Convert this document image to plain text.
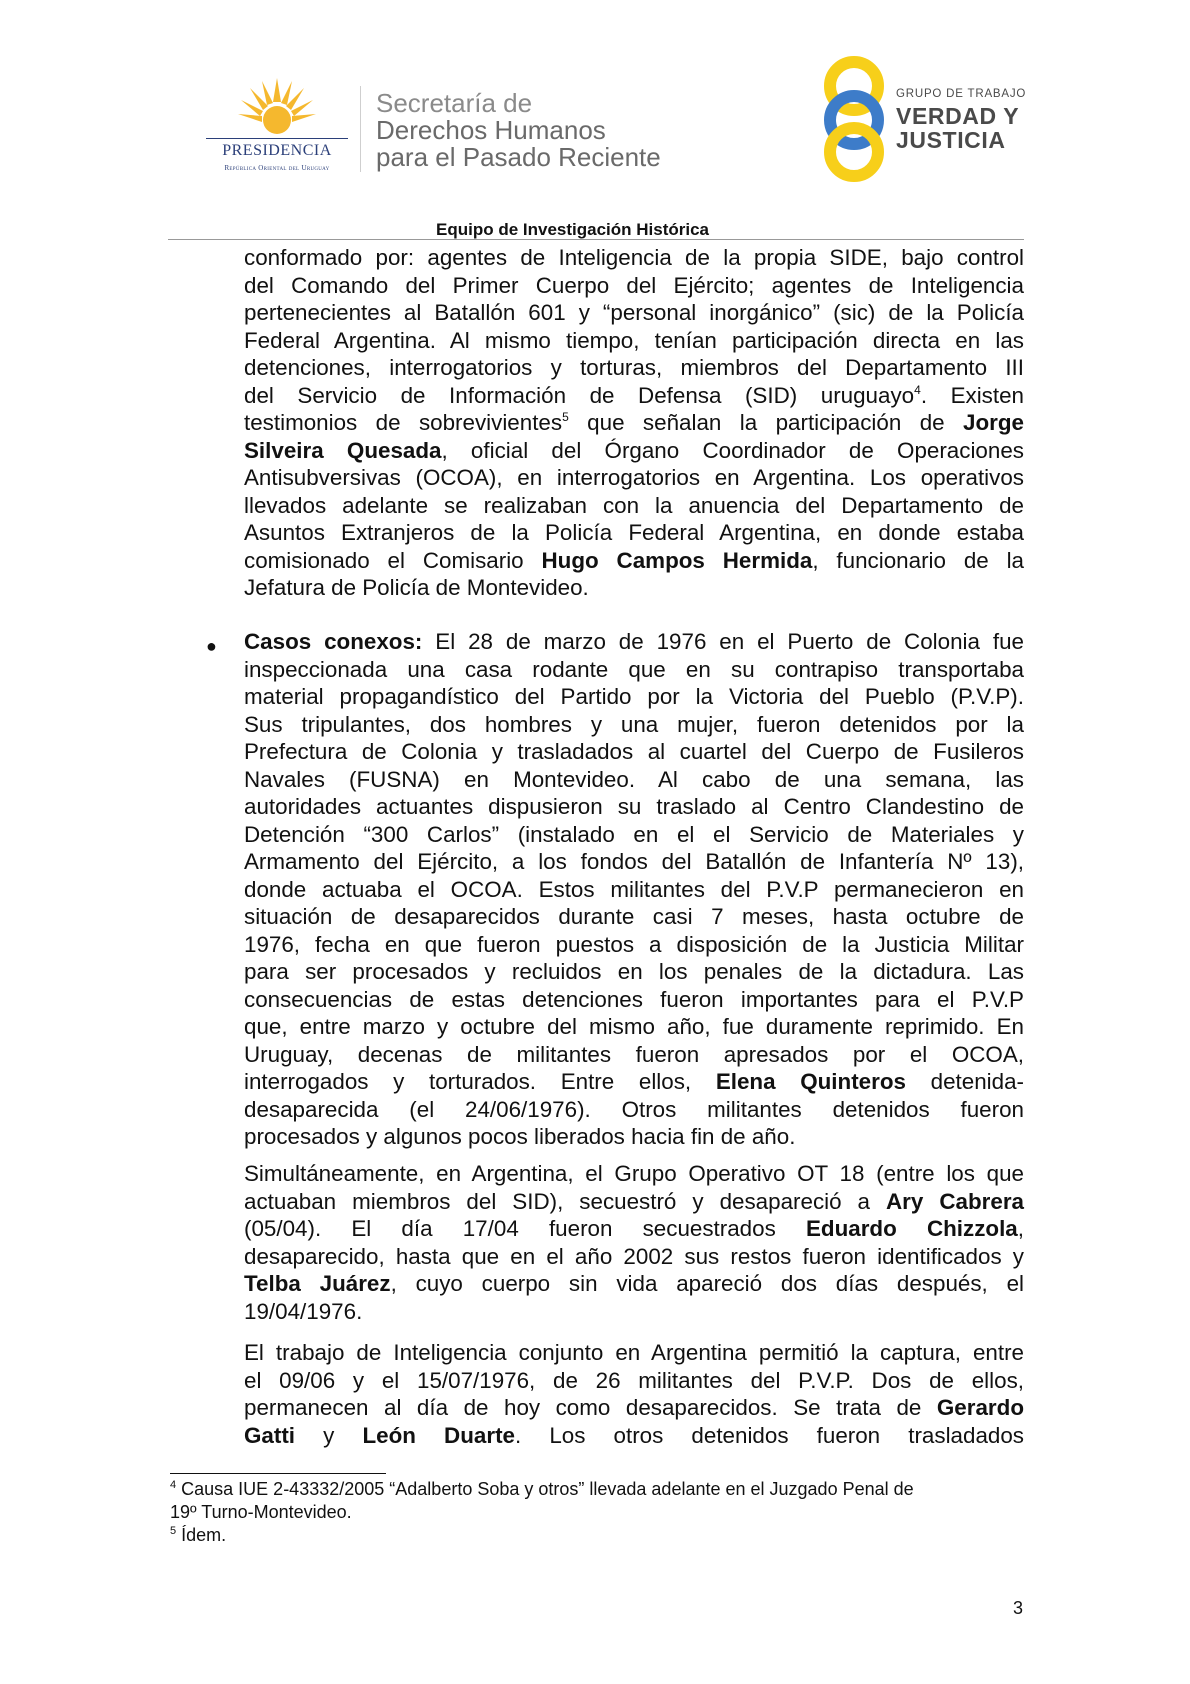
PRESIDENCIA
República Oriental del Uruguay
Secretaría de
Derechos Humanos
para el Pasado Reciente
GRUPO DE TRABAJO
VERDAD Y
JUSTICIA
Equipo de Investigación Histórica
conformado por: agentes de Inteligencia de la propia SIDE, bajo control
del Comando del Primer Cuerpo del Ejército; agentes de Inteligencia
pertenecientes al Batallón 601 y “personal inorgánico” (sic) de la Policía
Federal Argentina. Al mismo tiempo, tenían participación directa en las
detenciones, interrogatorios y torturas, miembros del Departamento III
del Servicio de Información de Defensa (SID) uruguayo$^4$. Existen
testimonios de sobrevivientes$^5$ que señalan la participación de Jorge
Silveira Quesada, oficial del Órgano Coordinador de Operaciones
Antisubversivas (OCOA), en interrogatorios en Argentina. Los operativos
llevados adelante se realizaban con la anuencia del Departamento de
Asuntos Extranjeros de la Policía Federal Argentina, en donde estaba
comisionado el Comisario Hugo Campos Hermida, funcionario de la
Jefatura de Policía de Montevideo.
● Casos conexos: El 28 de marzo de 1976 en el Puerto de Colonia fue
inspeccionada una casa rodante que en su contrapiso transportaba
material propagandístico del Partido por la Victoria del Pueblo (P.V.P).
Sus tripulantes, dos hombres y una mujer, fueron detenidos por la
Prefectura de Colonia y trasladados al cuartel del Cuerpo de Fusileros
Navales (FUSNA) en Montevideo. Al cabo de una semana, las
autoridades actuantes dispusieron su traslado al Centro Clandestino de
Detención “300 Carlos” (instalado en el el Servicio de Materiales y
Armamento del Ejército, a los fondos del Batallón de Infantería Nº 13),
donde actuaba el OCOA. Estos militantes del P.V.P permanecieron en
situación de desaparecidos durante casi 7 meses, hasta octubre de
1976, fecha en que fueron puestos a disposición de la Justicia Militar
para ser procesados y recluidos en los penales de la dictadura. Las
consecuencias de estas detenciones fueron importantes para el P.V.P
que, entre marzo y octubre del mismo año, fue duramente reprimido. En
Uruguay, decenas de militantes fueron apresados por el OCOA,
interrogados y torturados. Entre ellos, Elena Quinteros detenida-
desaparecida (el 24/06/1976). Otros militantes detenidos fueron
procesados y algunos pocos liberados hacia fin de año.
Simultáneamente, en Argentina, el Grupo Operativo OT 18 (entre los que
actuaban miembros del SID), secuestró y desapareció a Ary Cabrera
(05/04). El día 17/04 fueron secuestrados Eduardo Chizzola,
desaparecido, hasta que en el año 2002 sus restos fueron identificados y
Telba Juárez, cuyo cuerpo sin vida apareció dos días después, el
19/04/1976.
El trabajo de Inteligencia conjunto en Argentina permitió la captura, entre
el 09/06 y el 15/07/1976, de 26 militantes del P.V.P. Dos de ellos,
permanecen al día de hoy como desaparecidos. Se trata de Gerardo
Gatti y León Duarte. Los otros detenidos fueron trasladados
$^4$ Causa IUE 2-43332/2005 “Adalberto Soba y otros” llevada adelante en el Juzgado Penal de
19º Turno-Montevideo.
$^5$ Ídem.
3
